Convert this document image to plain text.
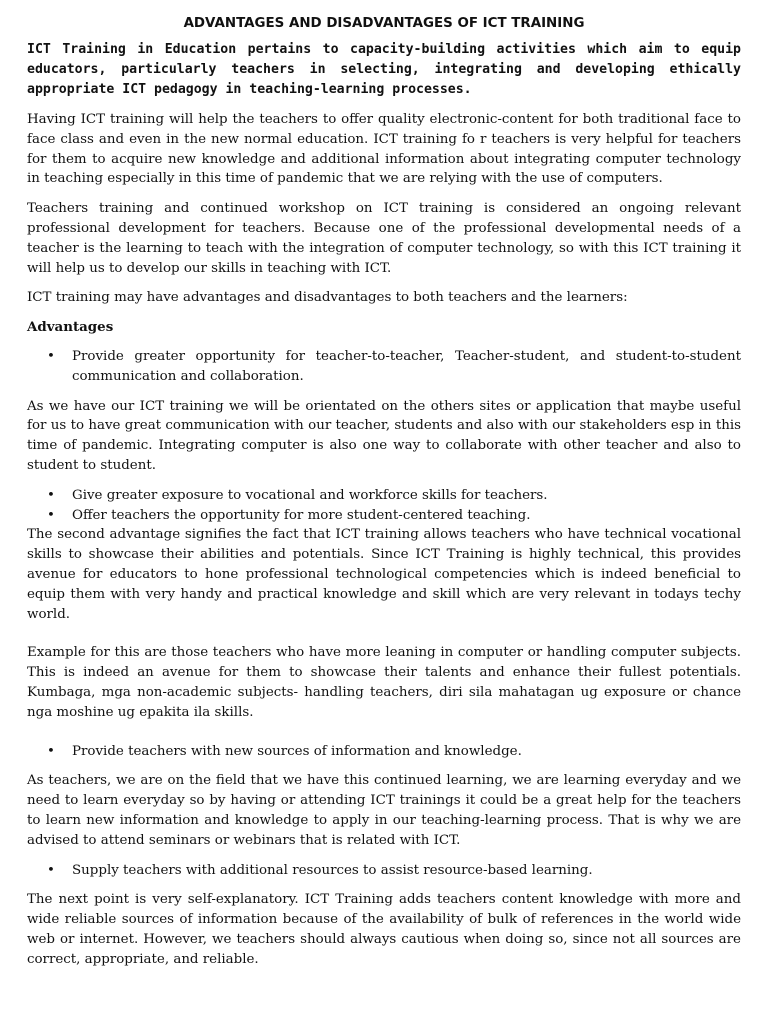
ADVANTAGES AND DISADVANTAGES OF ICT TRAINING

ICT Training in Education pertains to capacity-building activities which aim to equip educators, particularly teachers in selecting, integrating and developing ethically appropriate ICT pedagogy in teaching-learning processes.

Having ICT training will help the teachers to offer quality electronic-content for both traditional face to face class and even in the new normal education. ICT training fo r teachers is very helpful for teachers for them to acquire new knowledge and additional information about integrating computer technology in teaching especially in this time of pandemic that we are relying with the use of computers.

Teachers training and continued workshop on ICT training is considered an ongoing relevant professional development for teachers. Because one of the professional developmental needs of a teacher is the learning to teach with the integration of computer technology, so with this ICT training it will help us to develop our skills in teaching with ICT.

ICT training may have advantages and disadvantages to both teachers and the learners:

Advantages
• Provide greater opportunity for teacher-to-teacher, Teacher-student, and student-to-student communication and collaboration.

As we have our ICT training we will be orientated on the others sites or application that maybe useful for us to have great communication with our teacher, students and also with our stakeholders esp in this time of pandemic. Integrating computer is also one way to collaborate with other teacher and also to student to student.

• Give greater exposure to vocational and workforce skills for teachers.
• Offer teachers the opportunity for more student-centered teaching.

The second advantage signifies the fact that ICT training allows teachers who have technical vocational skills to showcase their abilities and potentials. Since ICT Training is highly technical, this provides avenue for educators to hone professional technological competencies which is indeed beneficial to equip them with very handy and practical knowledge and skill which are very relevant in todays techy world.

Example for this are those teachers who have more leaning in computer or handling computer subjects. This is indeed an avenue for them to showcase their talents and enhance their fullest potentials. Kumbaga, mga non-academic subjects- handling teachers, diri sila mahatagan ug exposure or chance nga moshine ug epakita ila skills.

• Provide teachers with new sources of information and knowledge.

As teachers, we are on the field that we have this continued learning, we are learning everyday and we need to learn everyday so by having or attending ICT trainings it could be a great help for the teachers to learn new information and knowledge to apply in our teaching-learning process. That is why we are advised to attend seminars or webinars that is related with ICT.

• Supply teachers with additional resources to assist resource-based learning.

The next point is very self-explanatory. ICT Training adds teachers content knowledge with more and wide reliable sources of information because of the availability of bulk of references in the world wide web or internet. However, we teachers should always cautious when doing so, since not all sources are correct, appropriate, and reliable.
